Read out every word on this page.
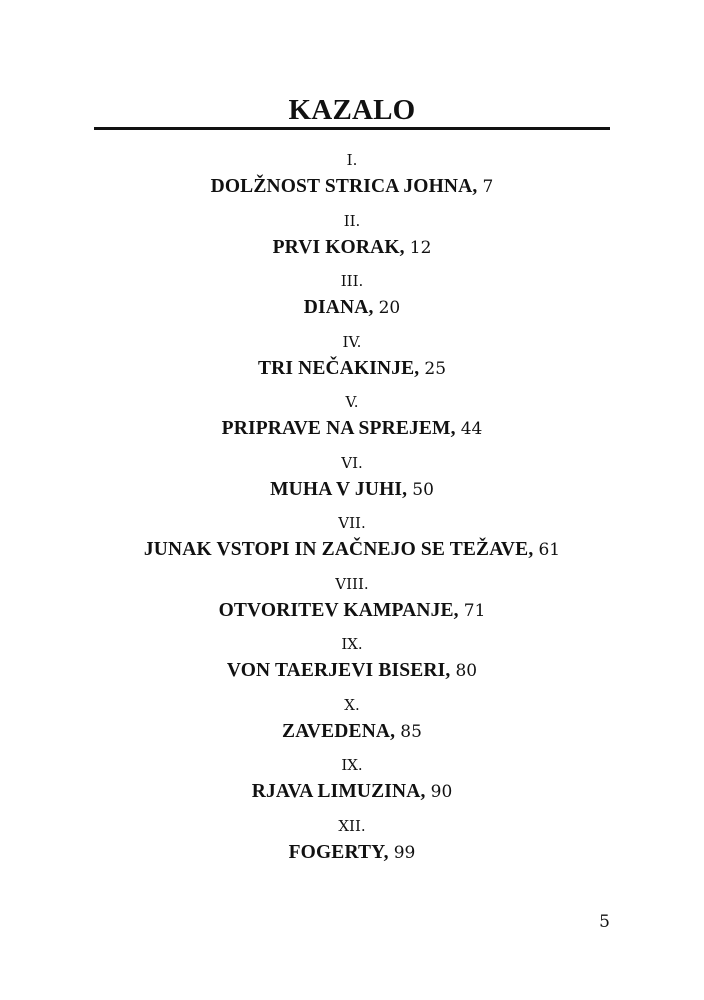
KAZALO
I.
DOLŽNOST STRICA JOHNA, 7
II.
PRVI KORAK, 12
III.
DIANA, 20
IV.
TRI NEČAKINJE, 25
V.
PRIPRAVE NA SPREJEM, 44
VI.
MUHA V JUHI, 50
VII.
JUNAK VSTOPI IN ZAČNEJO SE TEŽAVE, 61
VIII.
OTVORITEV KAMPANJE, 71
IX.
VON TAERJEVI BISERI, 80
X.
ZAVEDENA, 85
IX.
RJAVA LIMUZINA, 90
XII.
FOGERTY, 99
5
